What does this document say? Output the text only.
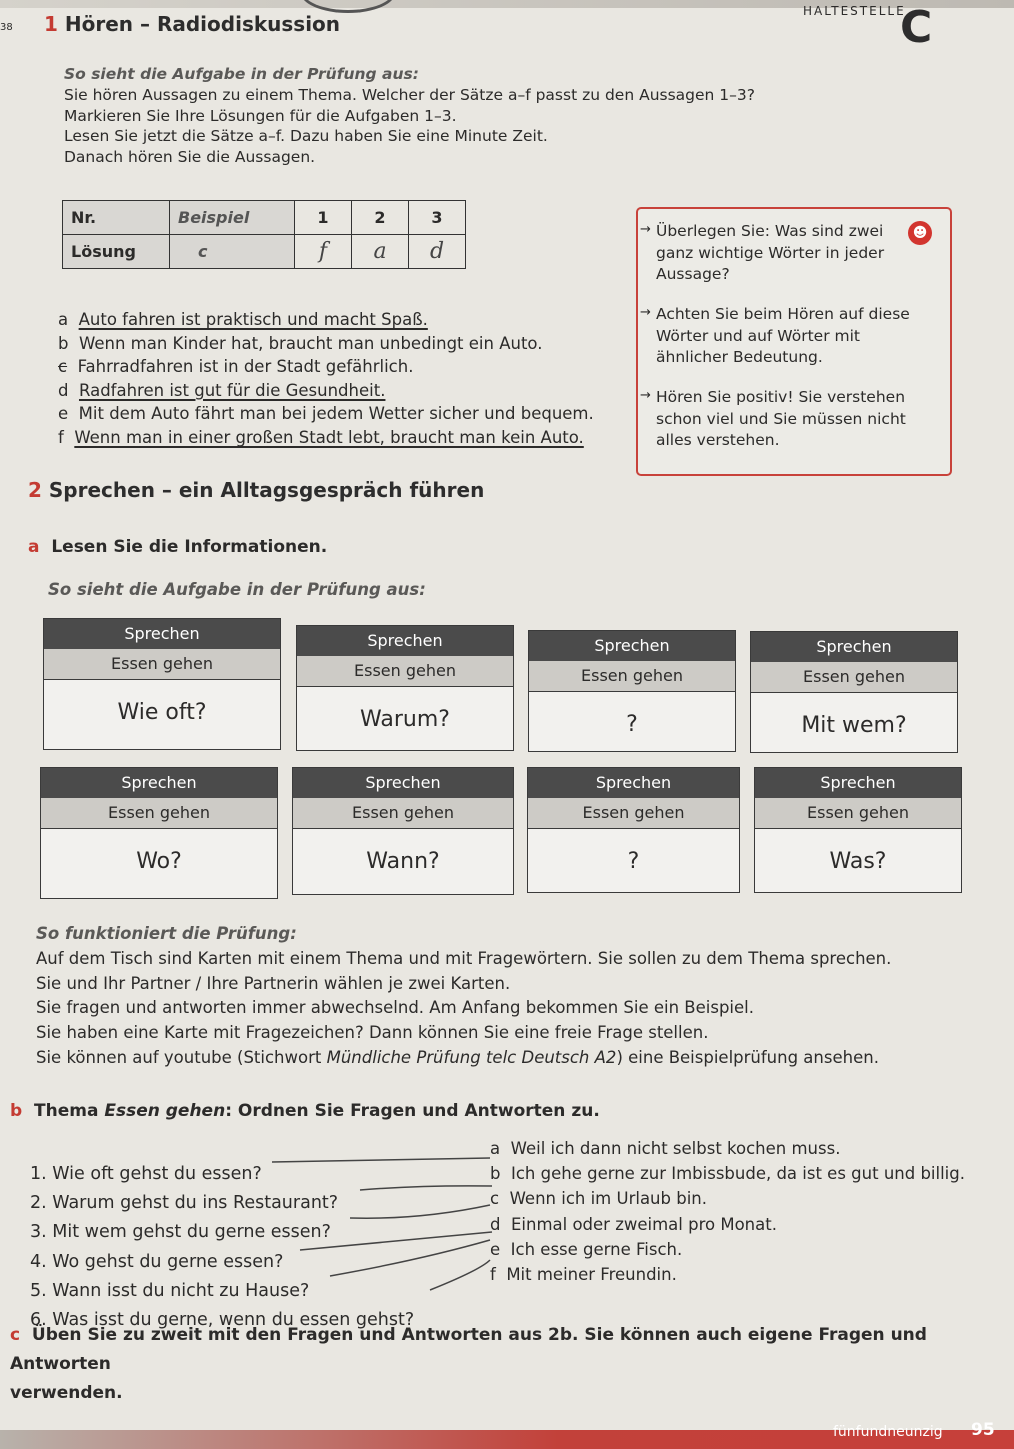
38
HALTESTELLE
C
1 Hören – Radiodiskussion
So sieht die Aufgabe in der Prüfung aus:
Sie hören Aussagen zu einem Thema. Welcher der Sätze a–f passt zu den Aussagen 1–3?
Markieren Sie Ihre Lösungen für die Aufgaben 1–3.
Lesen Sie jetzt die Sätze a–f. Dazu haben Sie eine Minute Zeit.
Danach hören Sie die Aussagen.
Nr.	Beispiel	1	2	3
Lösung	c	f	a	d
a Auto fahren ist praktisch und macht Spaß.
b Wenn man Kinder hat, braucht man unbedingt ein Auto.
c Fahrradfahren ist in der Stadt gefährlich.
d Radfahren ist gut für die Gesundheit.
e Mit dem Auto fährt man bei jedem Wetter sicher und bequem.
f Wenn man in einer großen Stadt lebt, braucht man kein Auto.
☻
→ Überlegen Sie: Was sind zwei ganz wichtige Wörter in jeder Aussage?
→ Achten Sie beim Hören auf diese Wörter und auf Wörter mit ähnlicher Bedeutung.
→ Hören Sie positiv! Sie verstehen schon viel und Sie müssen nicht alles verstehen.
2 Sprechen – ein Alltagsgespräch führen
a Lesen Sie die Informationen.
So sieht die Aufgabe in der Prüfung aus:
Sprechen
Essen gehen
Wie oft?
Sprechen
Essen gehen
Warum?
Sprechen
Essen gehen
?
Sprechen
Essen gehen
Mit wem?
Sprechen
Essen gehen
Wo?
Sprechen
Essen gehen
Wann?
Sprechen
Essen gehen
?
Sprechen
Essen gehen
Was?
So funktioniert die Prüfung:
Auf dem Tisch sind Karten mit einem Thema und mit Fragewörtern. Sie sollen zu dem Thema sprechen.
Sie und Ihr Partner / Ihre Partnerin wählen je zwei Karten.
Sie fragen und antworten immer abwechselnd. Am Anfang bekommen Sie ein Beispiel.
Sie haben eine Karte mit Fragezeichen? Dann können Sie eine freie Frage stellen.
Sie können auf youtube (Stichwort Mündliche Prüfung telc Deutsch A2) eine Beispielprüfung ansehen.
b Thema Essen gehen: Ordnen Sie Fragen und Antworten zu.
1. Wie oft gehst du essen?
2. Warum gehst du ins Restaurant?
3. Mit wem gehst du gerne essen?
4. Wo gehst du gerne essen?
5. Wann isst du nicht zu Hause?
6. Was isst du gerne, wenn du essen gehst?
a Weil ich dann nicht selbst kochen muss.
b Ich gehe gerne zur Imbissbude, da ist es gut und billig.
c Wenn ich im Urlaub bin.
d Einmal oder zweimal pro Monat.
e Ich esse gerne Fisch.
f Mit meiner Freundin.
c Üben Sie zu zweit mit den Fragen und Antworten aus 2b. Sie können auch eigene Fragen und Antworten
verwenden.
fünfundneunzig 95
